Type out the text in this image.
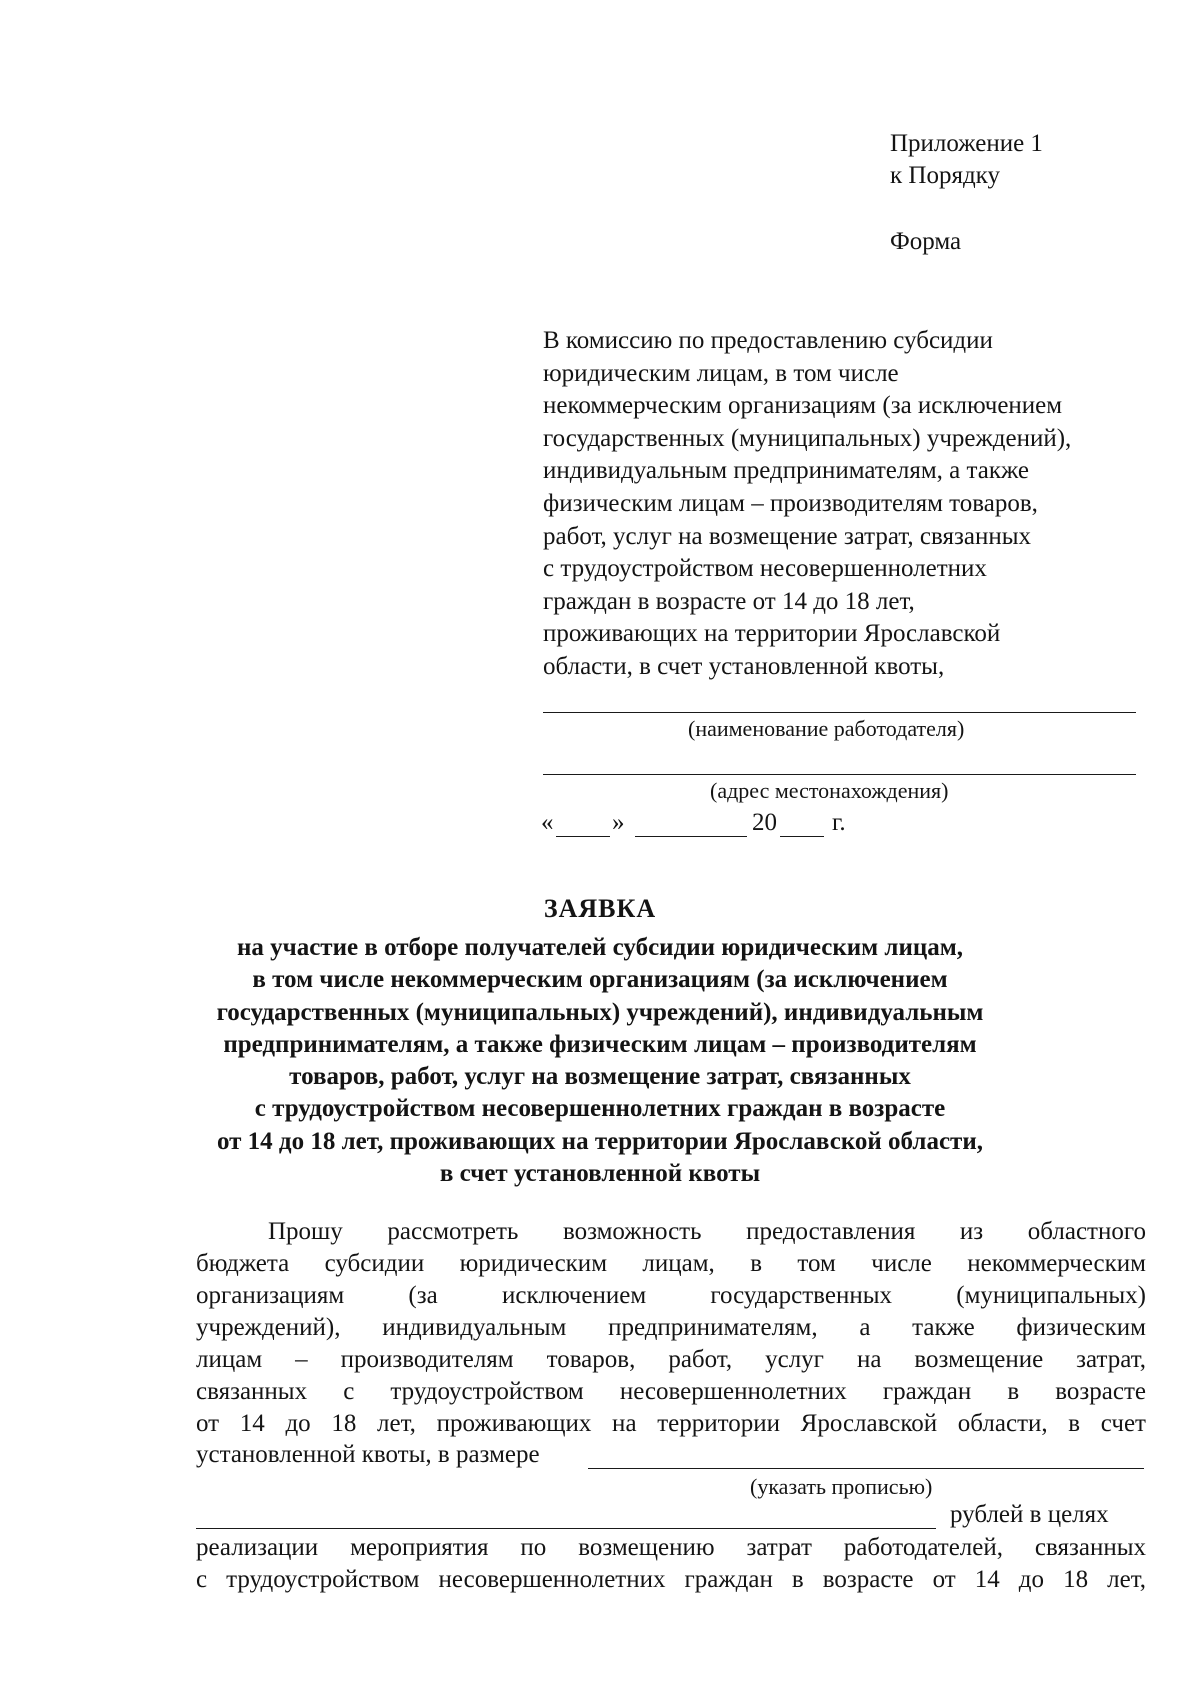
Приложение 1
к Порядку
Форма
В комиссию по предоставлению субсидии
юридическим лицам, в том числе
некоммерческим организациям (за исключением
государственных (муниципальных) учреждений),
индивидуальным предпринимателям, а также
физическим лицам – производителям товаров,
работ, услуг на возмещение затрат, связанных
с трудоустройством несовершеннолетних
граждан в возрасте от 14 до 18 лет,
проживающих на территории Ярославской
области, в счет установленной квоты,
(наименование работодателя)
(адрес местонахождения)
« »	20 г.
ЗАЯВКА
на участие в отборе получателей субсидии юридическим лицам,
в том числе некоммерческим организациям (за исключением
государственных (муниципальных) учреждений), индивидуальным
предпринимателям, а также физическим лицам – производителям
товаров, работ, услуг на возмещение затрат, связанных
с трудоустройством несовершеннолетних граждан в возрасте
от 14 до 18 лет, проживающих на территории Ярославской области,
в счет установленной квоты
Прошу рассмотреть возможность предоставления из областного
бюджета субсидии юридическим лицам, в том числе некоммерческим
организациям (за исключением государственных (муниципальных)
учреждений), индивидуальным предпринимателям, а также физическим
лицам – производителям товаров, работ, услуг на возмещение затрат,
связанных с трудоустройством несовершеннолетних граждан в возрасте
от 14 до 18 лет, проживающих на территории Ярославской области, в счет
установленной квоты, в размере
(указать прописью)
рублей в целях
реализации мероприятия по возмещению затрат работодателей, связанных
с трудоустройством несовершеннолетних граждан в возрасте от 14 до 18 лет,
